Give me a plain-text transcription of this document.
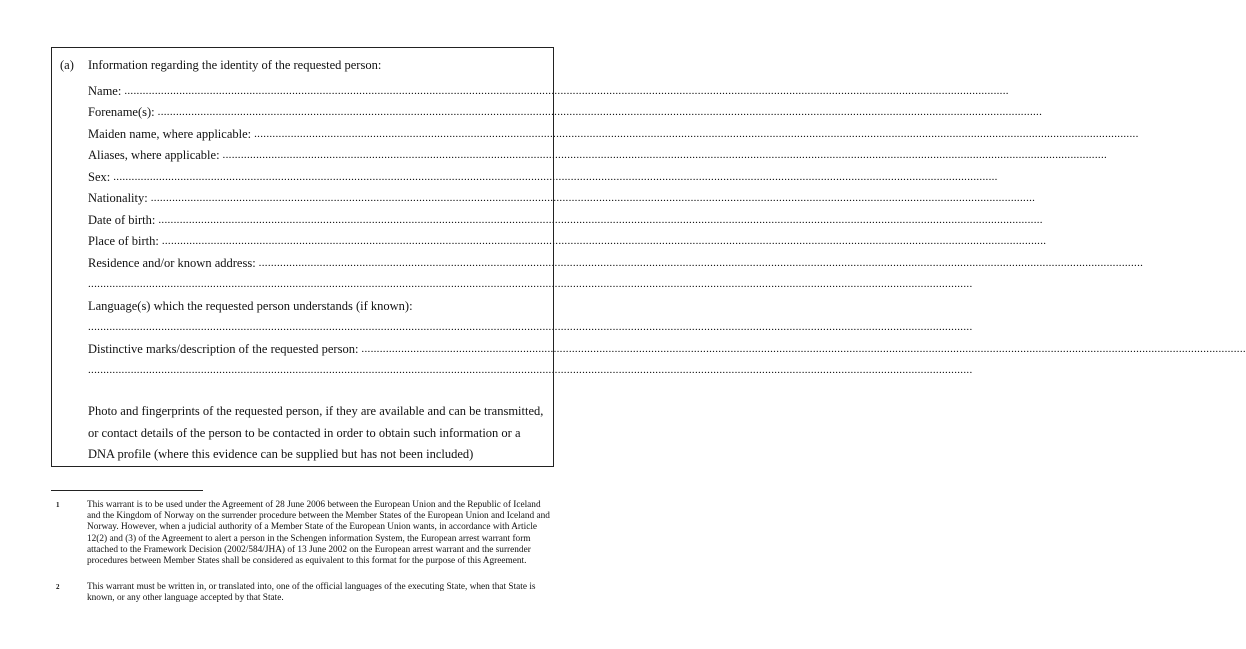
(a) Information regarding the identity of the requested person:
Name: ..................................................................................................................................................................................................................................................................................................
Forename(s): ..................................................................................................................................................................................................................................................................................................
Maiden name, where applicable: ..................................................................................................................................................................................................................................................................................................
Aliases, where applicable: ..................................................................................................................................................................................................................................................................................................
Sex: ..................................................................................................................................................................................................................................................................................................
Nationality: ..................................................................................................................................................................................................................................................................................................
Date of birth: ..................................................................................................................................................................................................................................................................................................
Place of birth: ..................................................................................................................................................................................................................................................................................................
Residence and/or known address: ..................................................................................................................................................................................................................................................................................................
..................................................................................................................................................................................................................................................................................................
Language(s) which the requested person understands (if known):
..................................................................................................................................................................................................................................................................................................
Distinctive marks/description of the requested person: ..................................................................................................................................................................................................................................................................................................
..................................................................................................................................................................................................................................................................................................
Photo and fingerprints of the requested person, if they are available and can be transmitted, or contact details of the person to be contacted in order to obtain such information or a DNA profile (where this evidence can be supplied but has not been included)
1	This warrant is to be used under the Agreement of 28 June 2006 between the European Union and the Republic of Iceland and the Kingdom of Norway on the surrender procedure between the Member States of the European Union and Iceland and Norway. However, when a judicial authority of a Member State of the European Union wants, in accordance with Article 12(2) and (3) of the Agreement to alert a person in the Schengen information System, the European arrest warrant form attached to the Framework Decision (2002/584/JHA) of 13 June 2002 on the European arrest warrant and the surrender procedures between Member States shall be considered as equivalent to this format for the purpose of this Agreement.
2	This warrant must be written in, or translated into, one of the official languages of the executing State, when that State is known, or any other language accepted by that State.
